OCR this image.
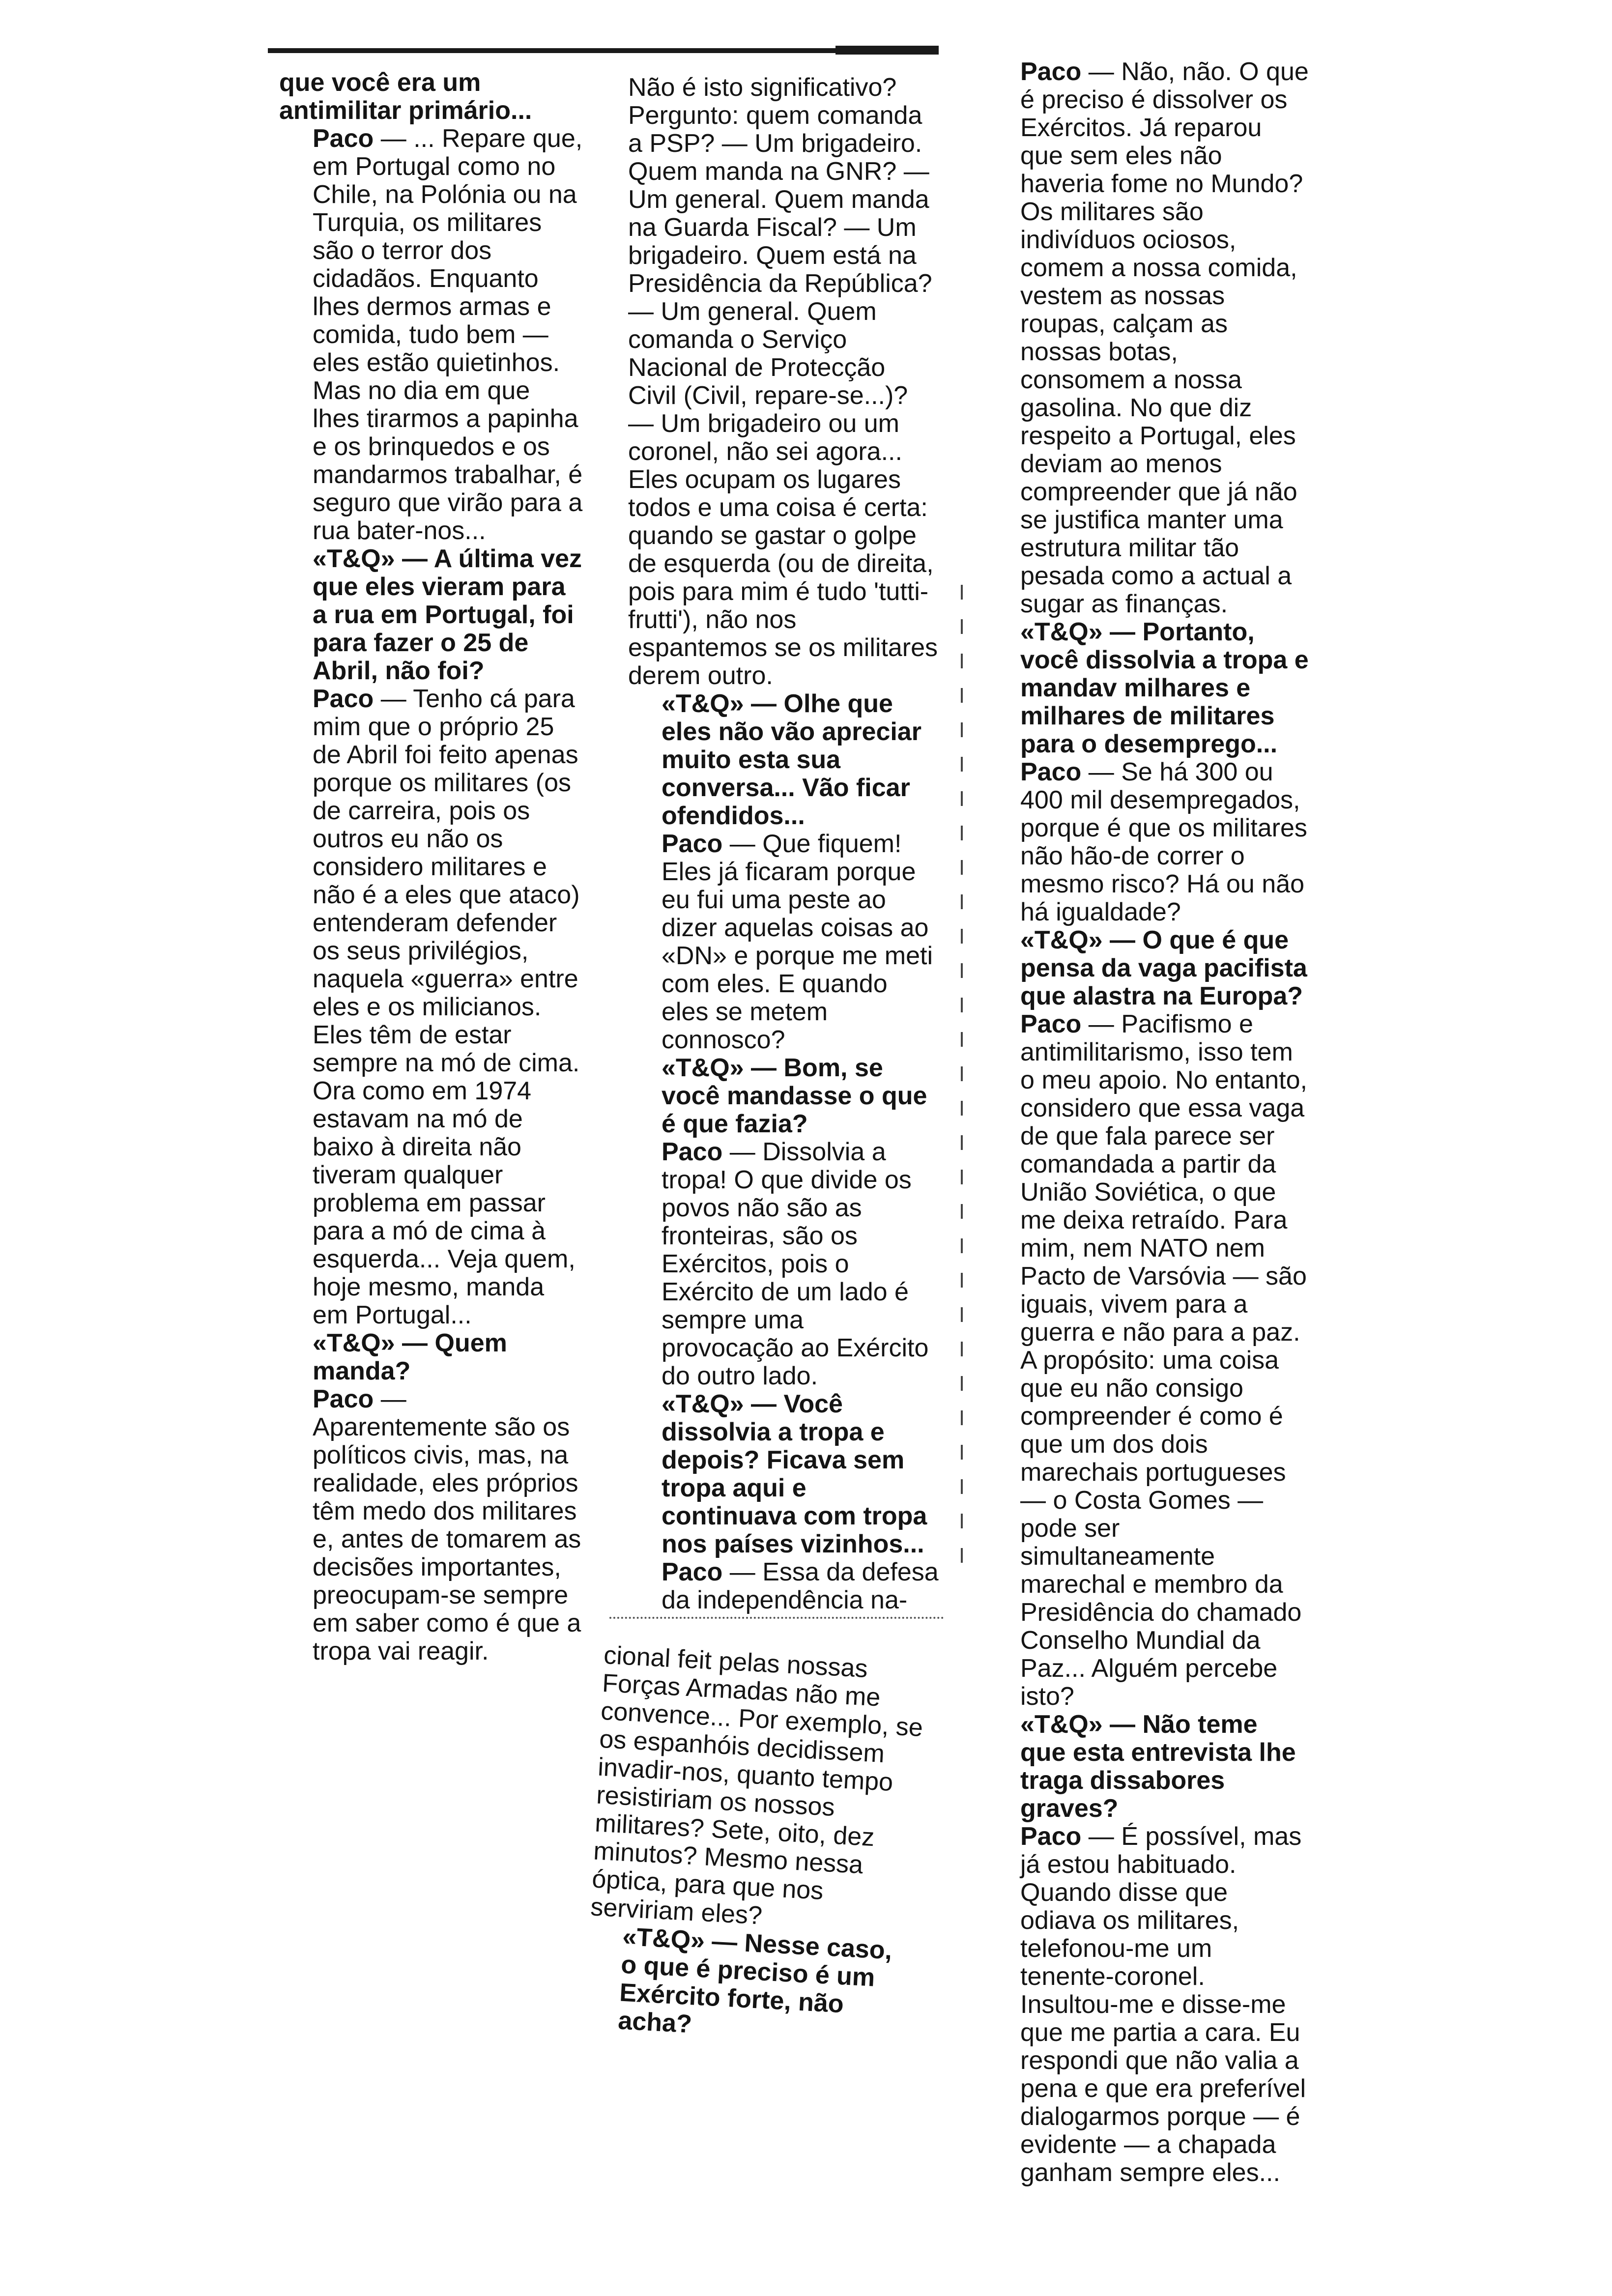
que você era um antimilitar primário...

Paco — ... Repare que, em Portugal como no Chile, na Polónia ou na Turquia, os militares são o terror dos cidadãos. Enquanto lhes dermos armas e comida, tudo bem — eles estão quietinhos. Mas no dia em que lhes tirarmos a papinha e os brinquedos e os mandarmos trabalhar, é seguro que virão para a rua bater-nos...

«T&Q» — A última vez que eles vieram para a rua em Portugal, foi para fazer o 25 de Abril, não foi?

Paco — Tenho cá para mim que o próprio 25 de Abril foi feito apenas porque os militares (os de carreira, pois os outros eu não os considero militares e não é a eles que ataco) entenderam defender os seus privilégios, naquela «guerra» entre eles e os milicianos. Eles têm de estar sempre na mó de cima. Ora como em 1974 estavam na mó de baixo à direita não tiveram qualquer problema em passar para a mó de cima à esquerda... Veja quem, hoje mesmo, manda em Portugal...

«T&Q» — Quem manda?

Paco — Aparentemente são os políticos civis, mas, na realidade, eles próprios têm medo dos militares e, antes de tomarem as decisões importantes, preocupam-se sempre em saber como é que a tropa vai reagir.

Não é isto significativo? Pergunto: quem comanda a PSP? — Um brigadeiro. Quem manda na GNR? — Um general. Quem manda na Guarda Fiscal? — Um brigadeiro. Quem está na Presidência da República? — Um general. Quem comanda o Serviço Nacional de Protecção Civil (Civil, repare-se...)? — Um brigadeiro ou um coronel, não sei agora... Eles ocupam os lugares todos e uma coisa é certa: quando se gastar o golpe de esquerda (ou de direita, pois para mim é tudo 'tutti-frutti'), não nos espantemos se os militares derem outro.

«T&Q» — Olhe que eles não vão apreciar muito esta sua conversa... Vão ficar ofendidos...

Paco — Que fiquem! Eles já ficaram porque eu fui uma peste ao dizer aquelas coisas ao «DN» e porque me meti com eles. E quando eles se metem connosco?

«T&Q» — Bom, se você mandasse o que é que fazia?

Paco — Dissolvia a tropa! O que divide os povos não são as fronteiras, são os Exércitos, pois o Exército de um lado é sempre uma provocação ao Exército do outro lado.

«T&Q» — Você dissolvia a tropa e depois? Ficava sem tropa aqui e continuava com tropa nos países vizinhos...

Paco — Essa da defesa da independência na-

cional feit pelas nossas Forças Armadas não me convence... Por exemplo, se os espanhóis decidissem invadir-nos, quanto tempo resistiriam os nossos militares? Sete, oito, dez minutos? Mesmo nessa óptica, para que nos serviriam eles?

«T&Q» — Nesse caso, o que é preciso é um Exército forte, não acha?

Paco — Não, não. O que é preciso é dissolver os Exércitos. Já reparou que sem eles não haveria fome no Mundo? Os militares são indivíduos ociosos, comem a nossa comida, vestem as nossas roupas, calçam as nossas botas, consomem a nossa gasolina. No que diz respeito a Portugal, eles deviam ao menos compreender que já não se justifica manter uma estrutura militar tão pesada como a actual a sugar as finanças.

«T&Q» — Portanto, você dissolvia a tropa e mandav milhares e milhares de militares para o desemprego...

Paco — Se há 300 ou 400 mil desempregados, porque é que os militares não hão-de correr o mesmo risco? Há ou não há igualdade?

«T&Q» — O que é que pensa da vaga pacifista que alastra na Europa?

Paco — Pacifismo e antimilitarismo, isso tem o meu apoio. No entanto, considero que essa vaga de que fala parece ser comandada a partir da União Soviética, o que me deixa retraído. Para mim, nem NATO nem Pacto de Varsóvia — são iguais, vivem para a guerra e não para a paz. A propósito: uma coisa que eu não consigo compreender é como é que um dos dois marechais portugueses — o Costa Gomes — pode ser simultaneamente marechal e membro da Presidência do chamado Conselho Mundial da Paz... Alguém percebe isto?

«T&Q» — Não teme que esta entrevista lhe traga dissabores graves?

Paco — É possível, mas já estou habituado. Quando disse que odiava os militares, telefonou-me um tenente-coronel. Insultou-me e disse-me que me partia a cara. Eu respondi que não valia a pena e que era preferível dialogarmos porque — é evidente — a chapada ganham sempre eles...
